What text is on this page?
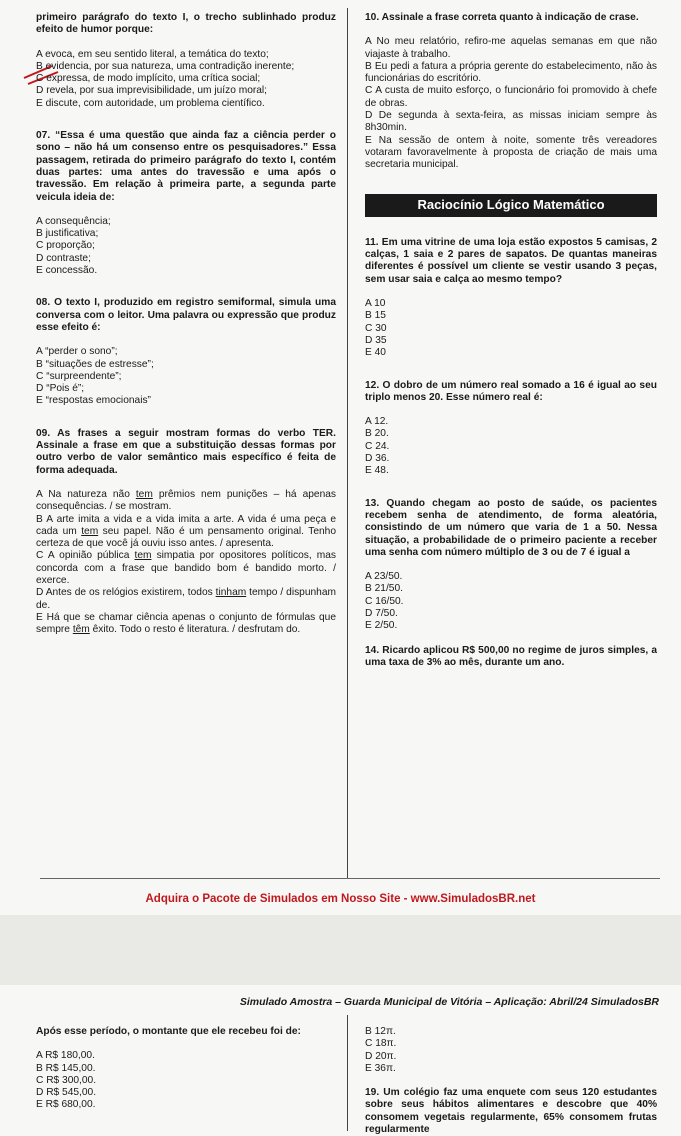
primeiro parágrafo do texto I, o trecho sublinhado produz efeito de humor porque:

A evoca, em seu sentido literal, a temática do texto;

B evidencia, por sua natureza, uma contradição inerente;

C expressa, de modo implícito, uma crítica social;

D revela, por sua imprevisibilidade, um juízo moral;

E discute, com autoridade, um problema científico.

07. “Essa é uma questão que ainda faz a ciência perder o sono – não há um consenso entre os pesquisadores.” Essa passagem, retirada do primeiro parágrafo do texto I, contém duas partes: uma antes do travessão e uma após o travessão. Em relação à primeira parte, a segunda parte veicula ideia de:

A consequência;

B justificativa;

C proporção;

D contraste;

E concessão.

08. O texto I, produzido em registro semiformal, simula uma conversa com o leitor. Uma palavra ou expressão que produz esse efeito é:

A “perder o sono”;

B “situações de estresse”;

C “surpreendente”;

D “Pois é”;

E “respostas emocionais”

09. As frases a seguir mostram formas do verbo TER. Assinale a frase em que a substituição dessas formas por outro verbo de valor semântico mais específico é feita de forma adequada.

A Na natureza não tem prêmios nem punições – há apenas consequências. / se mostram.

B A arte imita a vida e a vida imita a arte. A vida é uma peça e cada um tem seu papel. Não é um pensamento original. Tenho certeza de que você já ouviu isso antes. / apresenta.

C A opinião pública tem simpatia por opositores políticos, mas concorda com a frase que bandido bom é bandido morto. / exerce.

D Antes de os relógios existirem, todos tinham tempo / dispunham de.

E Há que se chamar ciência apenas o conjunto de fórmulas que sempre têm êxito. Todo o resto é literatura. / desfrutam do.

10. Assinale a frase correta quanto à indicação de crase.

A No meu relatório, refiro-me aquelas semanas em que não viajaste à trabalho.

B Eu pedi a fatura a própria gerente do estabelecimento, não às funcionárias do escritório.

C A custa de muito esforço, o funcionário foi promovido à chefe de obras.

D De segunda à sexta-feira, as missas iniciam sempre às 8h30min.

E Na sessão de ontem à noite, somente três vereadores votaram favoravelmente à proposta de criação de mais uma secretaria municipal.

Raciocínio Lógico Matemático

11. Em uma vitrine de uma loja estão expostos 5 camisas, 2 calças, 1 saia e 2 pares de sapatos. De quantas maneiras diferentes é possível um cliente se vestir usando 3 peças, sem usar saia e calça ao mesmo tempo?

A 10

B 15

C 30

D 35

E 40

12. O dobro de um número real somado a 16 é igual ao seu triplo menos 20. Esse número real é:

A 12.

B 20.

C 24.

D 36.

E 48.

13. Quando chegam ao posto de saúde, os pacientes recebem senha de atendimento, de forma aleatória, consistindo de um número que varia de 1 a 50. Nessa situação, a probabilidade de o primeiro paciente a receber uma senha com número múltiplo de 3 ou de 7 é igual a

A 23/50.

B 21/50.

C 16/50.

D 7/50.

E 2/50.

14. Ricardo aplicou R$ 500,00 no regime de juros simples, a uma taxa de 3% ao mês, durante um ano.

Adquira o Pacote de Simulados em Nosso Site - www.SimuladosBR.net
Simulado Amostra – Guarda Municipal de Vitória – Aplicação: Abril/24 SimuladosBR

Após esse período, o montante que ele recebeu foi de:

A R$ 180,00.

B R$ 145,00.

C R$ 300,00.

D R$ 545,00.

E R$ 680,00.

B 12π.

C 18π.

D 20π.

E 36π.

19. Um colégio faz uma enquete com seus 120 estudantes sobre seus hábitos alimentares e descobre que 40% consomem vegetais regularmente, 65% consomem frutas regularmente
